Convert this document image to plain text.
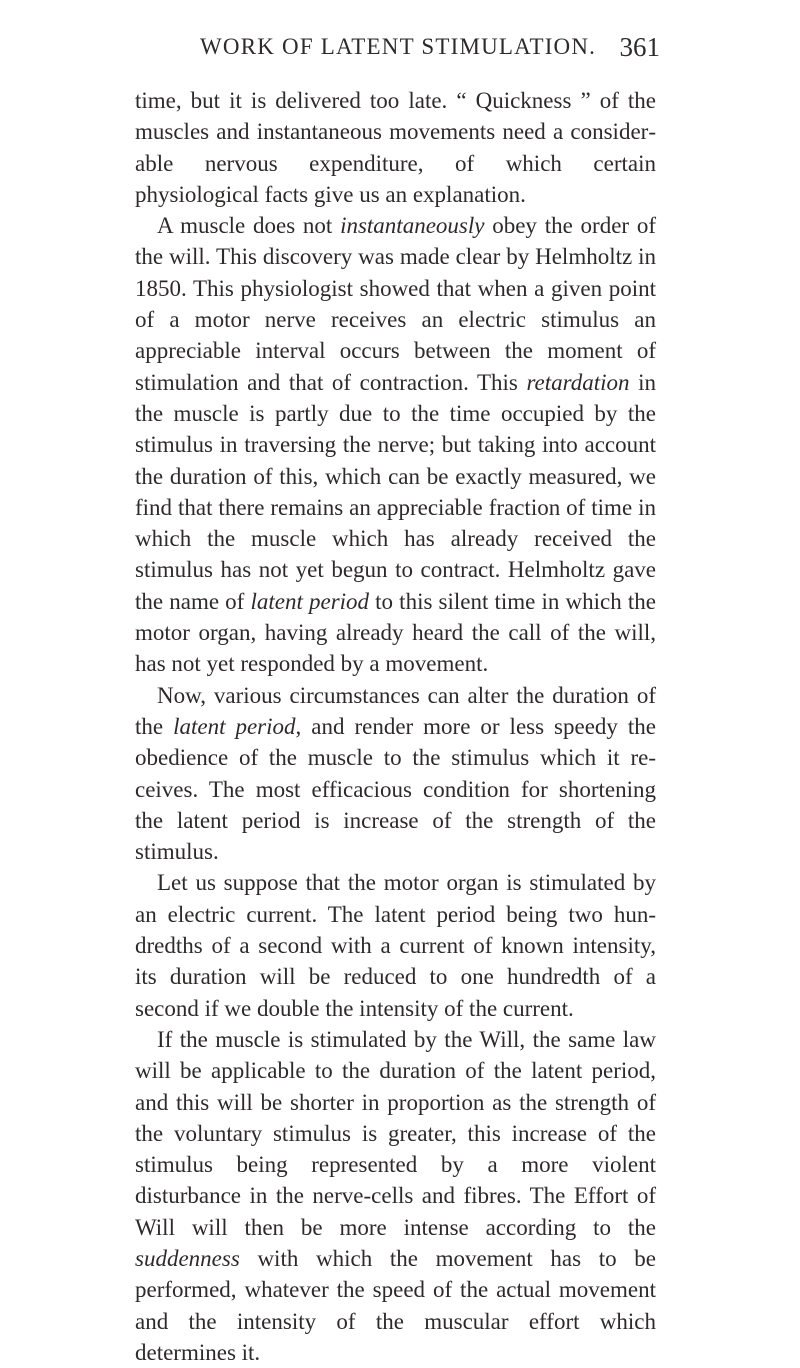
WORK OF LATENT STIMULATION. 361

time, but it is delivered too late. “ Quickness ” of the muscles and instantaneous movements need a considerable nervous expenditure, of which certain physiological facts give us an explanation.

A muscle does not instantaneously obey the order of the will. This discovery was made clear by Helmholtz in 1850. This physiologist showed that when a given point of a motor nerve receives an electric stimulus an appreciable interval occurs between the moment of stimulation and that of contraction. This retardation in the muscle is partly due to the time occupied by the stimulus in traversing the nerve; but taking into account the duration of this, which can be exactly measured, we find that there remains an appreciable fraction of time in which the muscle which has already received the stimulus has not yet begun to contract. Helmholtz gave the name of latent period to this silent time in which the motor organ, having already heard the call of the will, has not yet responded by a movement.

Now, various circumstances can alter the duration of the latent period, and render more or less speedy the obedience of the muscle to the stimulus which it receives. The most efficacious condition for shortening the latent period is increase of the strength of the stimulus.

Let us suppose that the motor organ is stimulated by an electric current. The latent period being two hundredths of a second with a current of known intensity, its duration will be reduced to one hundredth of a second if we double the intensity of the current.

If the muscle is stimulated by the Will, the same law will be applicable to the duration of the latent period, and this will be shorter in proportion as the strength of the voluntary stimulus is greater, this increase of the stimulus being represented by a more violent disturbance in the nerve-cells and fibres. The Effort of Will will then be more intense according to the suddenness with which the movement has to be performed, whatever the speed of the actual movement and the intensity of the muscular effort which determines it.
